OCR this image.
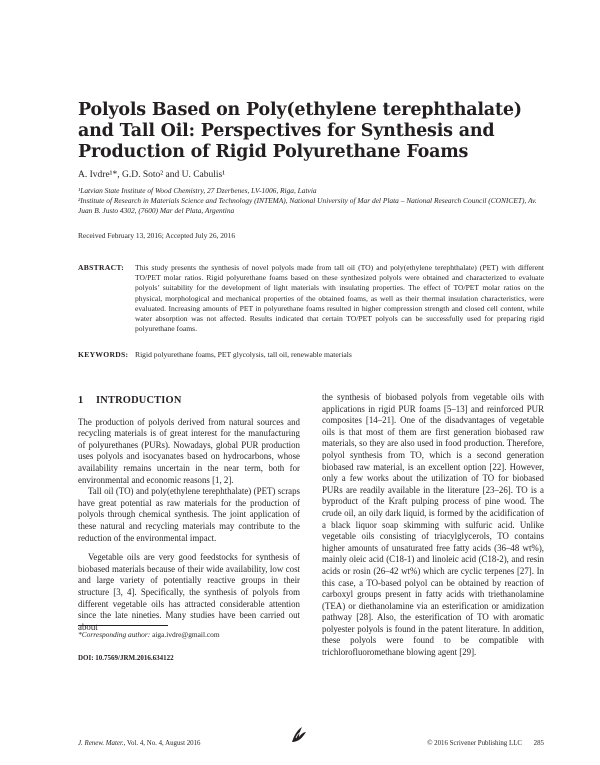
Polyols Based on Poly(ethylene terephthalate) and Tall Oil: Perspectives for Synthesis and Production of Rigid Polyurethane Foams
A. Ivdre¹*, G.D. Soto² and U. Cabulis¹

¹Latvian State Institute of Wood Chemistry, 27 Dzerbenes, LV-1006, Riga, Latvia

²Institute of Research in Materials Science and Technology (INTEMA), National University of Mar del Plata – National Research Council (CONICET), Av. Juan B. Justo 4302, (7600) Mar del Plata, Argentina

Received February 13, 2016; Accepted July 26, 2016
ABSTRACT: This study presents the synthesis of novel polyols made from tall oil (TO) and poly(ethylene terephthalate) (PET) with different TO/PET molar ratios. Rigid polyurethane foams based on these synthesized polyols were obtained and characterized to evaluate polyols’ suitability for the development of light materials with insulating properties. The effect of TO/PET molar ratios on the physical, morphological and mechanical properties of the obtained foams, as well as their thermal insulation characteristics, were evaluated. Increasing amounts of PET in polyurethane foams resulted in higher compression strength and closed cell content, while water absorption was not affected. Results indicated that certain TO/PET polyols can be successfully used for preparing rigid polyurethane foams.
KEYWORDS: Rigid polyurethane foams, PET glycolysis, tall oil, renewable materials
1 INTRODUCTION

The production of polyols derived from natural sources and recycling materials is of great interest for the manufacturing of polyurethanes (PURs). Nowadays, global PUR production uses polyols and isocyanates based on hydrocarbons, whose availability remains uncertain in the near term, both for environmental and economic reasons [1, 2].

Tall oil (TO) and poly(ethylene terephthalate) (PET) scraps have great potential as raw materials for the production of polyols through chemical synthesis. The joint application of these natural and recycling materials may contribute to the reduction of the environmental impact.

Vegetable oils are very good feedstocks for synthesis of biobased materials because of their wide availability, low cost and large variety of potentially reactive groups in their structure [3, 4]. Specifically, the synthesis of polyols from different vegetable oils has attracted considerable attention since the late nineties. Many studies have been carried out about

the synthesis of biobased polyols from vegetable oils with applications in rigid PUR foams [5–13] and reinforced PUR composites [14–21]. One of the disadvantages of vegetable oils is that most of them are first generation biobased raw materials, so they are also used in food production. Therefore, polyol synthesis from TO, which is a second generation biobased raw material, is an excellent option [22]. However, only a few works about the utilization of TO for biobased PURs are readily available in the literature [23–26]. TO is a byproduct of the Kraft pulping process of pine wood. The crude oil, an oily dark liquid, is formed by the acidification of a black liquor soap skimming with sulfuric acid. Unlike vegetable oils consisting of triacylglycerols, TO contains higher amounts of unsaturated free fatty acids (36–48 wt%), mainly oleic acid (C18-1) and linoleic acid (C18-2), and resin acids or rosin (26–42 wt%) which are cyclic terpenes [27]. In this case, a TO-based polyol can be obtained by reaction of carboxyl groups present in fatty acids with triethanolamine (TEA) or diethanolamine via an esterification or amidization pathway [28]. Also, the esterification of TO with aromatic polyester polyols is found in the patent literature. In addition, these polyols were found to be compatible with trichlorofluoromethane blowing agent [29].

*Corresponding author: aiga.ivdre@gmail.com
DOI: 10.7569/JRM.2016.634122
J. Renew. Mater., Vol. 4, No. 4, August 2016	© 2016 Scrivener Publishing LLC 285
